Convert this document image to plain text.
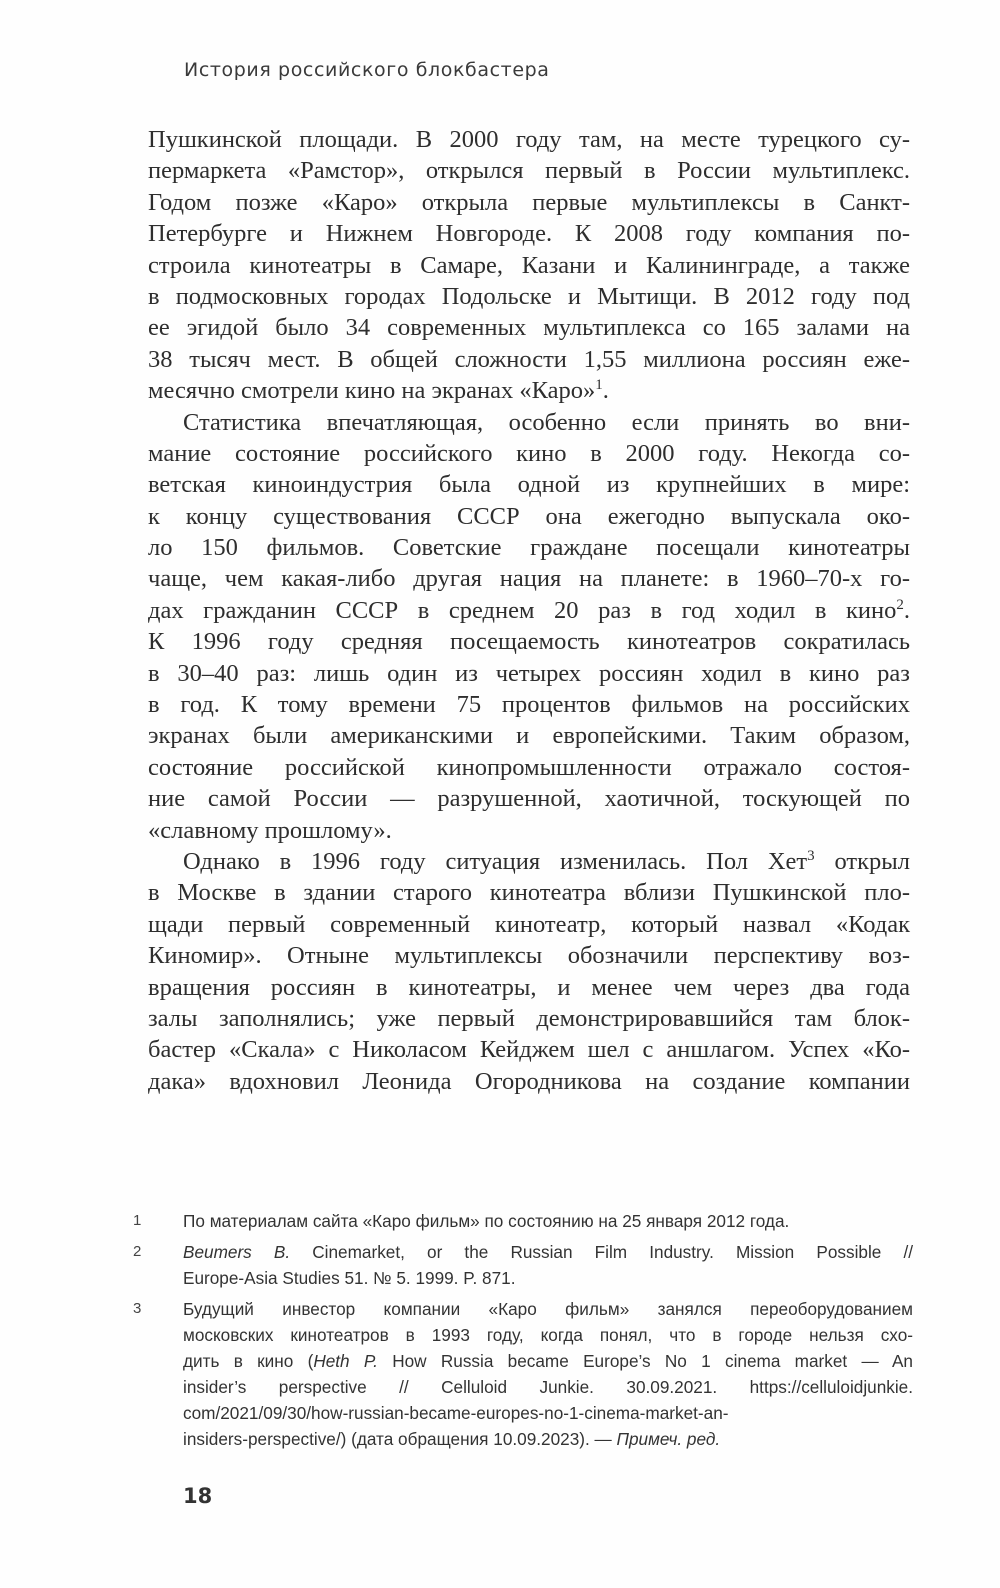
История российского блокбастера
Пушкинской площади. В 2000 году там, на месте турецкого су-
пермаркета «Рамстор», открылся первый в России мультиплекс.
Годом позже «Каро» открыла первые мультиплексы в Санкт-
Петербурге и Нижнем Новгороде. К 2008 году компания по-
строила кинотеатры в Самаре, Казани и Калининграде, а также
в подмосковных городах Подольске и Мытищи. В 2012 году под
ее эгидой было 34 современных мультиплекса со 165 залами на
38 тысяч мест. В общей сложности 1,55 миллиона россиян еже-
месячно смотрели кино на экранах «Каро»$^1$.
Статистика впечатляющая, особенно если принять во вни-
мание состояние российского кино в 2000 году. Некогда со-
ветская киноиндустрия была одной из крупнейших в мире:
к концу существования СССР она ежегодно выпускала око-
ло 150 фильмов. Советские граждане посещали кинотеатры
чаще, чем какая-либо другая нация на планете: в 1960–70-х го-
дах гражданин СССР в среднем 20 раз в год ходил в кино$^2$.
К 1996 году средняя посещаемость кинотеатров сократилась
в 30–40 раз: лишь один из четырех россиян ходил в кино раз
в год. К тому времени 75 процентов фильмов на российских
экранах были американскими и европейскими. Таким образом,
состояние российской кинопромышленности отражало состоя-
ние самой России — разрушенной, хаотичной, тоскующей по
«славному прошлому».
Однако в 1996 году ситуация изменилась. Пол Хет$^3$ открыл
в Москве в здании старого кинотеатра вблизи Пушкинской пло-
щади первый современный кинотеатр, который назвал «Кодак
Киномир». Отныне мультиплексы обозначили перспективу воз-
вращения россиян в кинотеатры, и менее чем через два года
залы заполнялись; уже первый демонстрировавшийся там блок-
бастер «Скала» с Николасом Кейджем шел с аншлагом. Успех «Ко-
дака» вдохновил Леонида Огородникова на создание компании
1 По материалам сайта «Каро фильм» по состоянию на 25 января 2012 года.
2 Beumers B. Cinemarket, or the Russian Film Industry. Mission Possible //
Europe-Asia Studies 51. № 5. 1999. P. 871.
3 Будущий инвестор компании «Каро фильм» занялся переоборудованием
московских кинотеатров в 1993 году, когда понял, что в городе нельзя схо-
дить в кино (Heth P. How Russia became Europe’s No 1 cinema market — An
insider’s perspective // Celluloid Junkie. 30.09.2021. https://celluloidjunkie.
com/2021/09/30/how-russian-became-europes-no-1-cinema-market-an-
insiders-perspective/) (дата обращения 10.09.2023). — Примеч. ред.
18
